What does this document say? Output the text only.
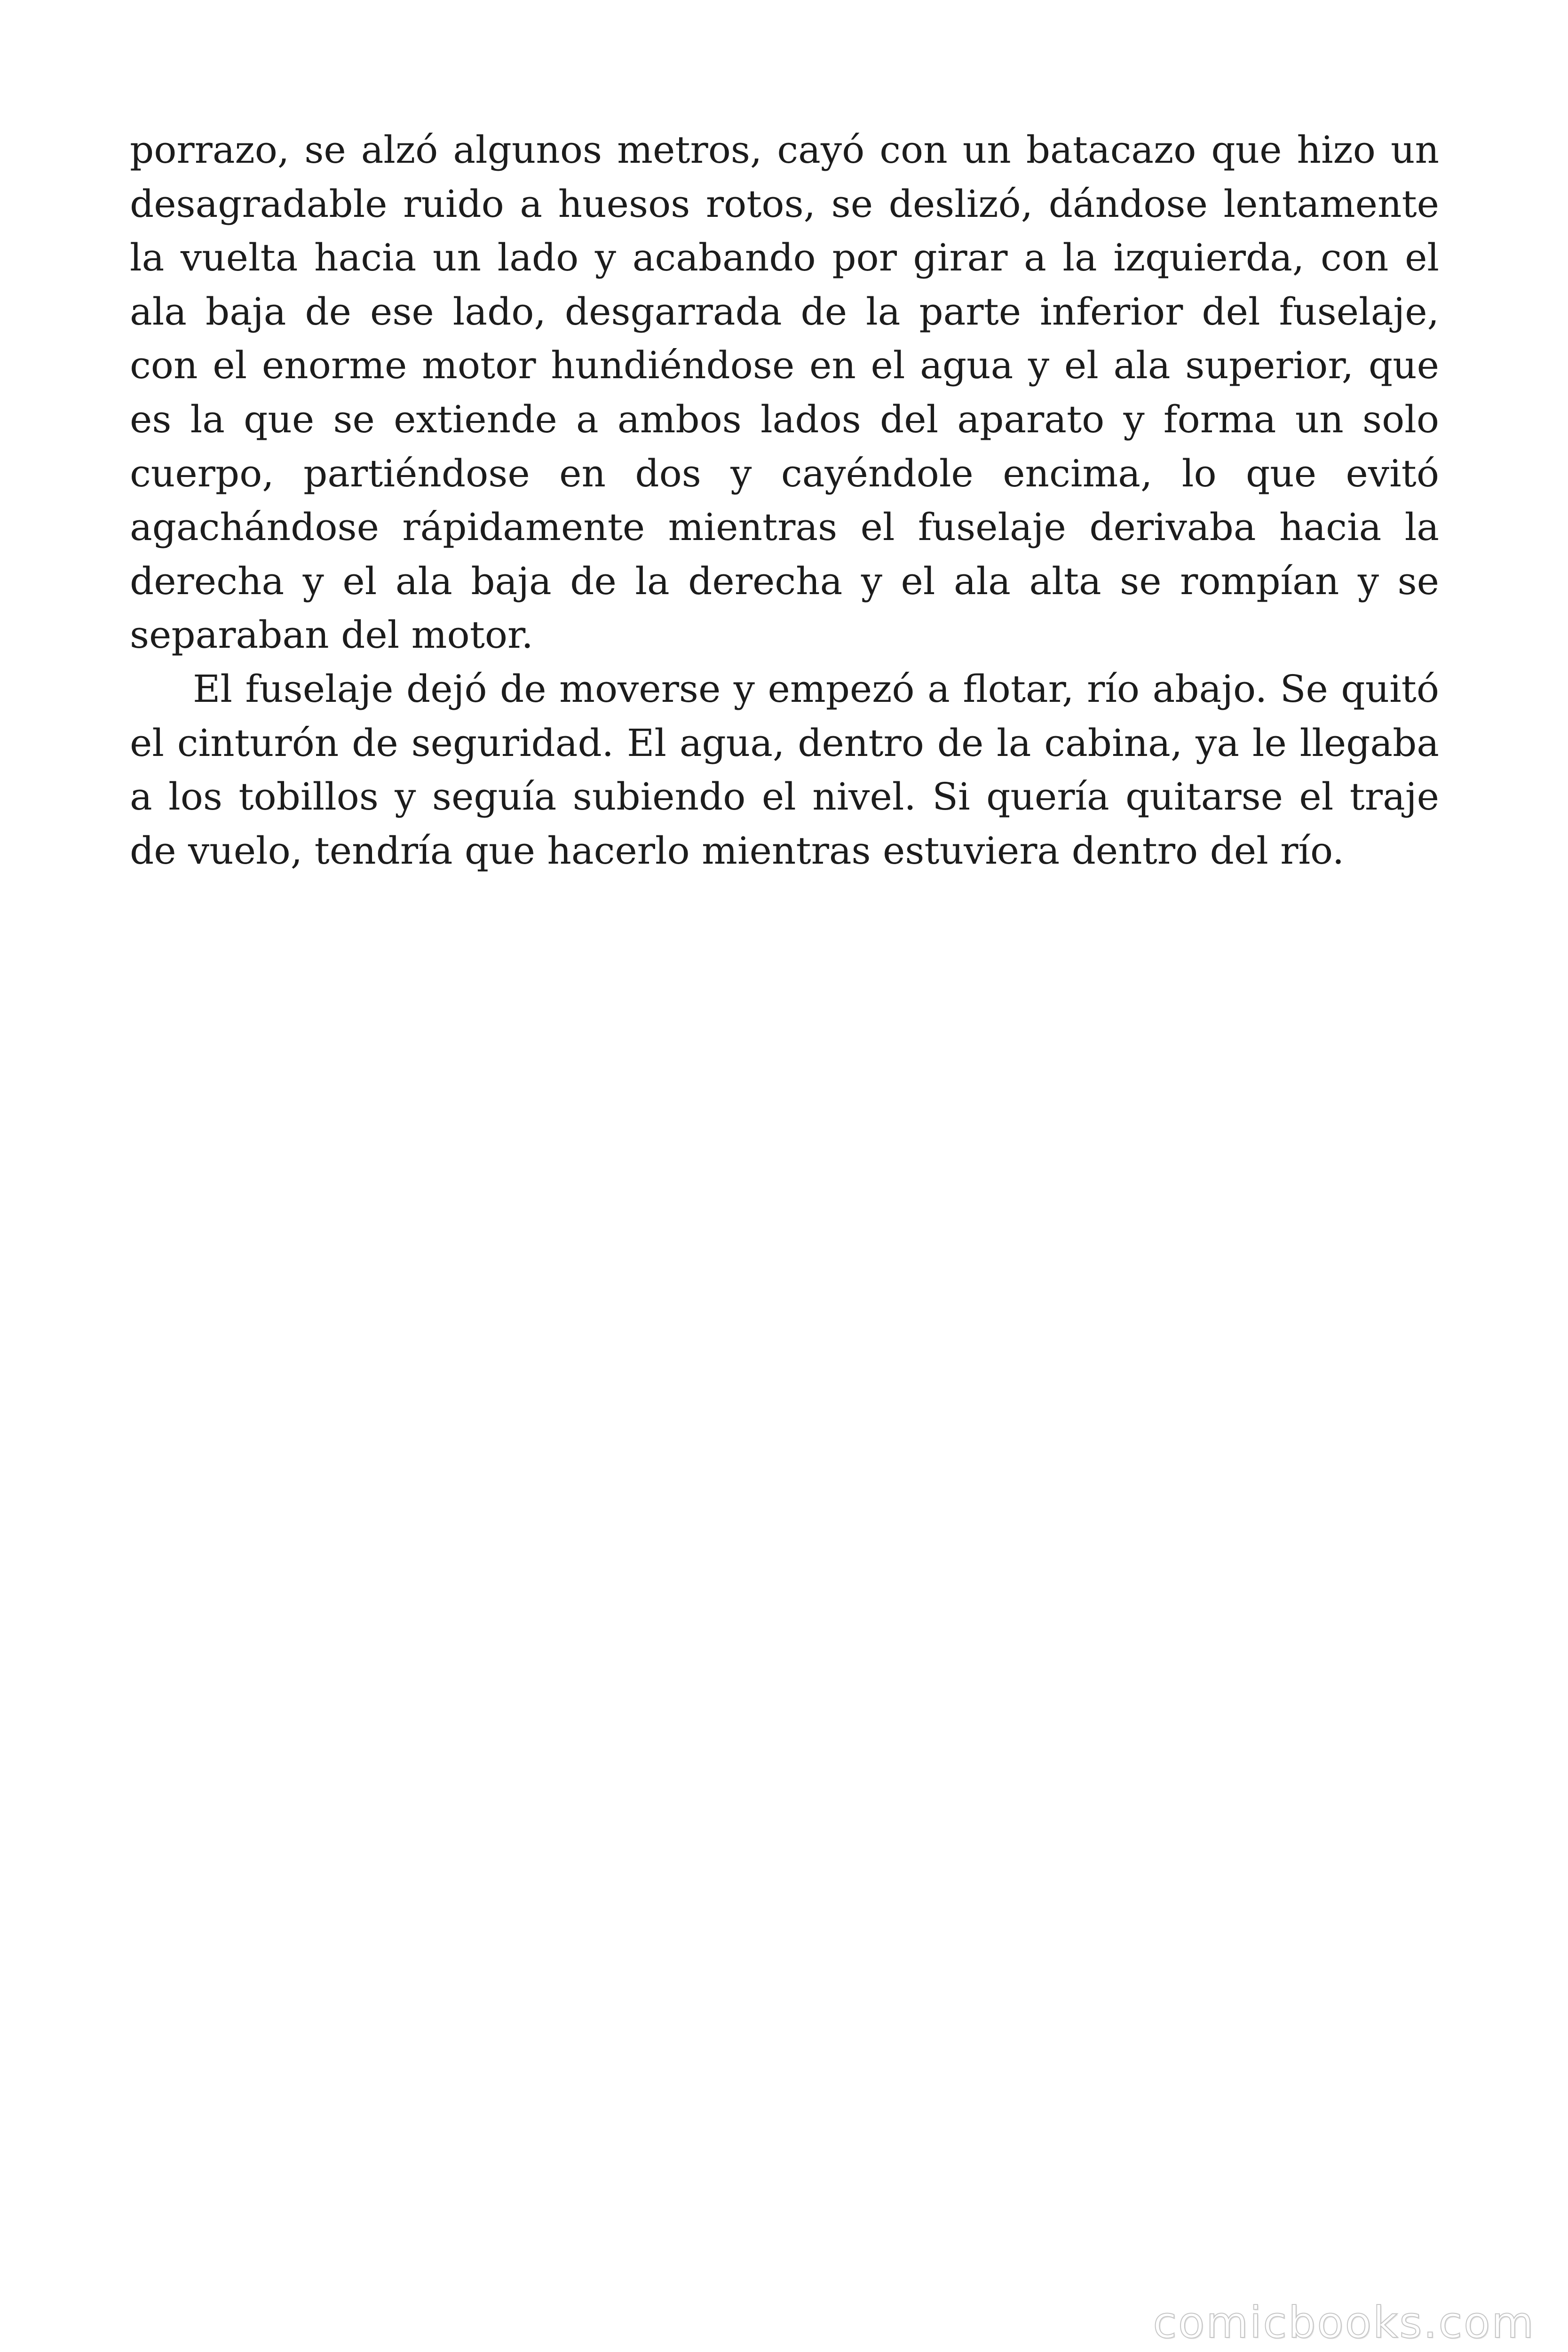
porrazo, se alzó algunos metros, cayó con un batacazo que hizo un desagradable ruido a huesos rotos, se deslizó, dándose lentamente la vuelta hacia un lado y acabando por girar a la izquierda, con el ala baja de ese lado, desgarrada de la parte inferior del fuselaje, con el enorme motor hundiéndose en el agua y el ala superior, que es la que se extiende a ambos lados del aparato y forma un solo cuerpo, partiéndose en dos y cayéndole encima, lo que evitó agachándose rápidamente mientras el fuselaje derivaba hacia la derecha y el ala baja de la derecha y el ala alta se rompían y se separaban del motor.

El fuselaje dejó de moverse y empezó a flotar, río abajo. Se quitó el cinturón de seguridad. El agua, dentro de la cabina, ya le llegaba a los tobillos y seguía subiendo el nivel. Si quería quitarse el traje de vuelo, tendría que hacerlo mientras estuviera dentro del río.

comicbooks.com
